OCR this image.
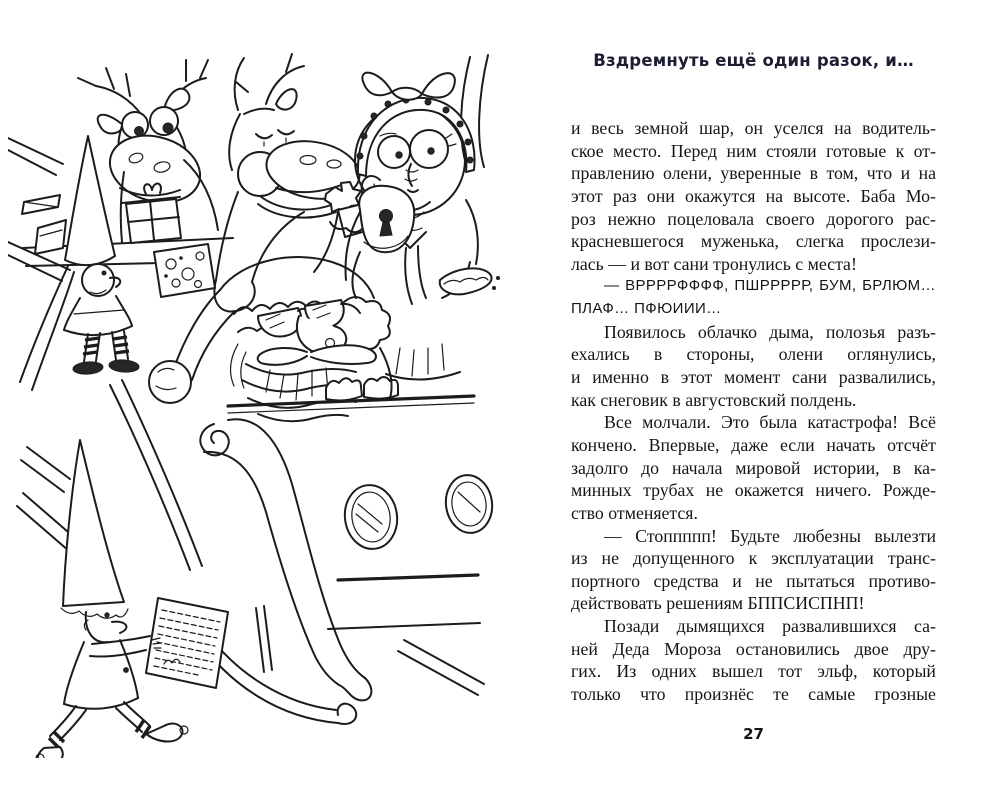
Вздремнуть ещё один разок, и…
и весь земной шар, он уселся на водитель-
ское место. Перед ним стояли готовые к от-
правлению олени, уверенные в том, что и на
этот раз они окажутся на высоте. Баба Мо-
роз нежно поцеловала своего дорогого рас-
красневшегося муженька, слегка прослези-
лась — и вот сани тронулись с места!
— ВРРРРФФФФ, ПШРРРРР, БУМ, БРЛЮМ…
ПЛАФ… ПФЮИИИ…
Появилось облачко дыма, полозья разъ-
ехались в стороны, олени оглянулись,
и именно в этот момент сани развалились,
как снеговик в августовский полдень.
Все молчали. Это была катастрофа! Всё
кончено. Впервые, даже если начать отсчёт
задолго до начала мировой истории, в ка-
минных трубах не окажется ничего. Рожде-
ство отменяется.
— Стоппппп! Будьте любезны вылезти
из не допущенного к эксплуатации транс-
портного средства и не пытаться противо-
действовать решениям БППСИСПНП!
Позади дымящихся развалившихся са-
ней Деда Мороза остановились двое дру-
гих. Из одних вышел тот эльф, который
только что произнёс те самые грозные
27
